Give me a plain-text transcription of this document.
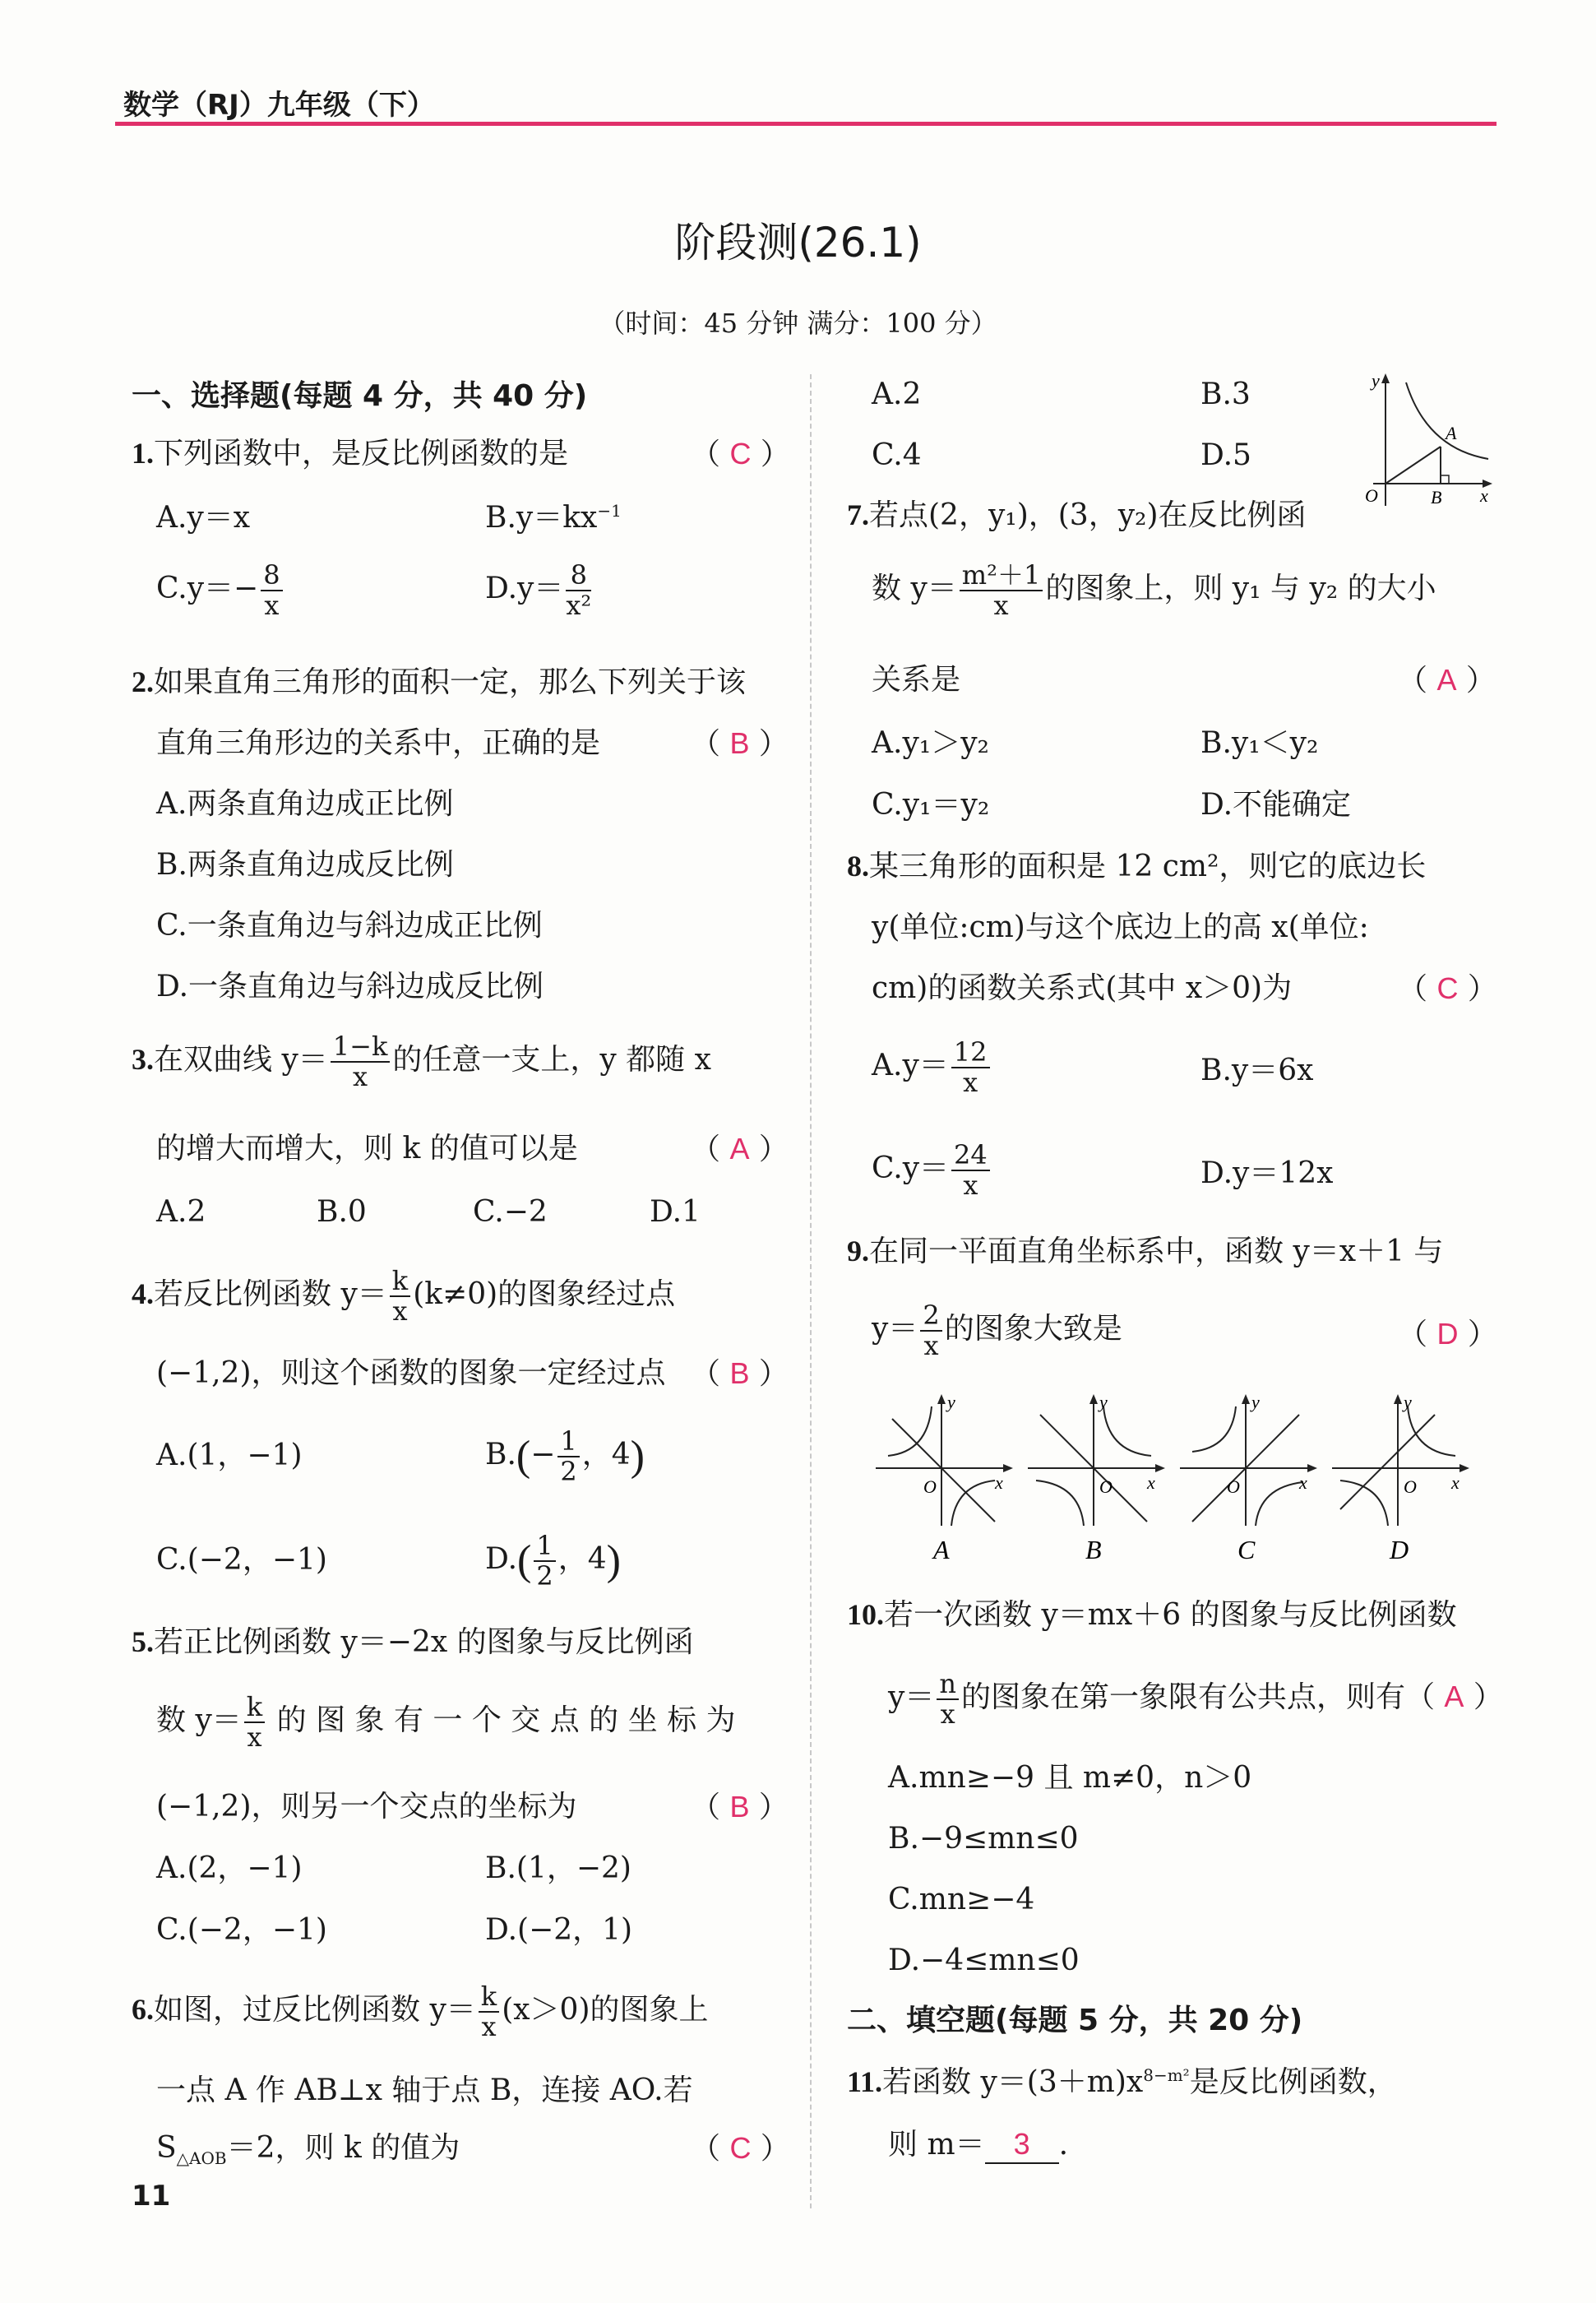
数学（RJ）九年级（下）
阶段测(26.1)
（时间：45 分钟 满分：100 分）
一、选择题(每题 4 分，共 40 分)
1.下列函数中，是反比例函数的是	（ C ）
A.y＝x	$B.y=kx^{-1}$
$C.y=- \frac{8}{x}$	$D.y= \frac{8}{\text{x²}}$
2.如果直角三角形的面积一定，那么下列关于该
直角三角形边的关系中，正确的是	（ B ）
A.两条直角边成正比例
B.两条直角边成反比例
C.一条直角边与斜边成正比例
D.一条直角边与斜边成反比例
3.在双曲线 $y= \frac{1-k}{x}$ 的任意一支上，y 都随 x
的增大而增大，则 k 的值可以是	（ A ）
A.2	B.0	C.−2	D.1
4.若反比例函数 $y= \frac{k}{x} (k\ne 0)$的图象经过点
(−1,2)，则这个函数的图象一定经过点 （ B ）
A.(1，−1)	$B.(- \frac{1}{2}$ ，4)
C.(−2，−1)	$D.( \frac{1}{2}$ ，4)
5.若正比例函数 y＝−2x 的图象与反比例函
数 $y= \frac{k}{x}$ 的 图 象 有 一 个 交 点 的 坐 标 为
(−1,2)，则另一个交点的坐标为	（ B ）
A.(2，−1)	B.(1，−2)
C.(−2，−1)	D.(−2，1)
6.如图，过反比例函数 $y= \frac{k}{x} (x>0)$的图象上
一点 A 作 AB⊥x 轴于点 B，连接 AO.若
$S_{\triangle AOB}=2$，则 k 的值为	（ C ）
11
A.2	B.3
C.4	D.5
y
x
O
A
B
7.若点(2，y₁)，(3，y₂)在反比例函
数 $y= \frac{\text{m²＋1}}{x}$ 的图象上，则 y₁ 与 y₂ 的大小
关系是	（ A ）
A.y₁＞y₂	B.y₁＜y₂
C.y₁＝y₂	D.不能确定
8.某三角形的面积是 12 cm²，则它的底边长
y(单位:cm)与这个底边上的高 x(单位:
cm)的函数关系式(其中 x＞0)为	（ C ）
$A.y= \frac{12}{x}$	B.y＝6x
$C.y= \frac{24}{x}$	D.y＝12x
9.在同一平面直角坐标系中，函数 y＝x＋1 与
$y= \frac{2}{x}$ 的图象大致是	（ D ）
y
x
O
A
y
x
O
B
y
x
O
C
y
x
O
D
10.若一次函数 y＝mx＋6 的图象与反比例函数
$y= \frac{n}{x}$ 的图象在第一象限有公共点，则有（ A ）
A.mn≥−9 且 m≠0，n＞0
B.−9≤mn≤0
C.mn≥−4
D.−4≤mn≤0
二、填空题(每题 5 分，共 20 分)
11.若函数 $y=(3+m)x^{8-m^2}$是反比例函数，
则 m＝ 3 .
